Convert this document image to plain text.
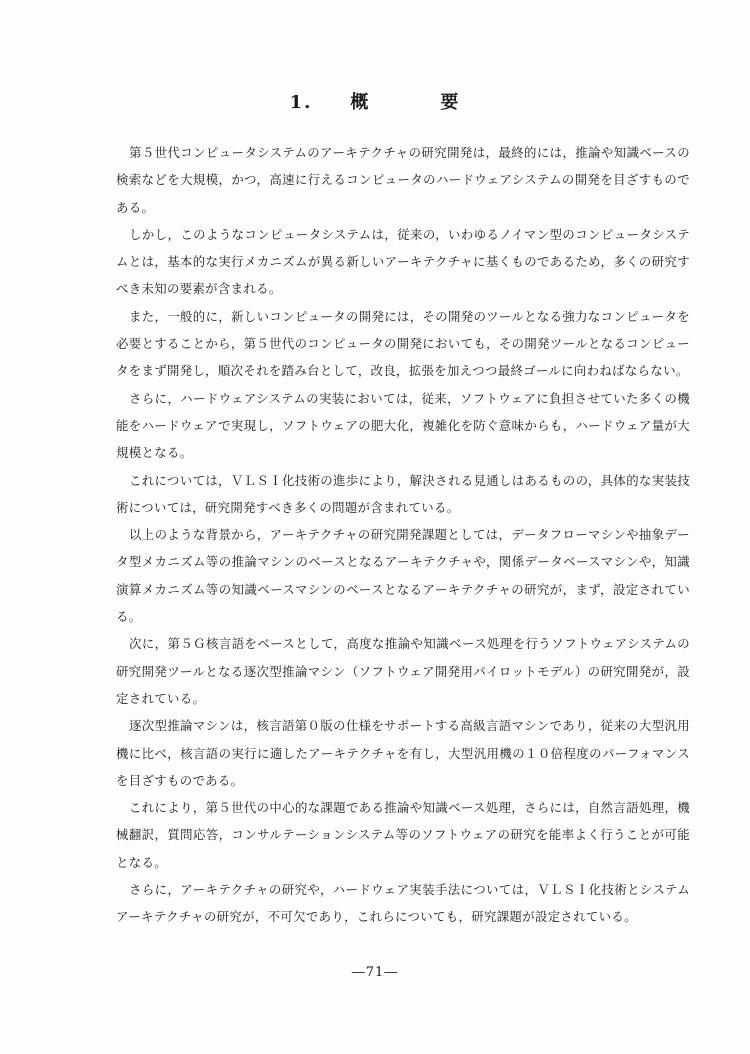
1. 概	要

第５世代コンピュータシステムのアーキテクチャの研究開発は，最終的には，推論や知識ベースの検索などを大規模，かつ，高速に行えるコンピュータのハードウェアシステムの開発を目ざすものである。

しかし，このようなコンピュータシステムは，従来の，いわゆるノイマン型のコンピュータシステムとは，基本的な実行メカニズムが異る新しいアーキテクチャに基くものであるため，多くの研究すべき未知の要素が含まれる。

また，一般的に，新しいコンピュータの開発には，その開発のツールとなる強力なコンピュータを必要とすることから，第５世代のコンピュータの開発においても，その開発ツールとなるコンピュータをまず開発し，順次それを踏み台として，改良，拡張を加えつつ最終ゴールに向わねばならない。

さらに，ハードウェアシステムの実装においては，従来，ソフトウェアに負担させていた多くの機能をハードウェアで実現し，ソフトウェアの肥大化，複雑化を防ぐ意味からも，ハードウェア量が大規模となる。

これについては，ＶＬＳＩ化技術の進歩により，解決される見通しはあるものの，具体的な実装技術については，研究開発すべき多くの問題が含まれている。

以上のような背景から，アーキテクチャの研究開発課題としては，データフローマシンや抽象データ型メカニズム等の推論マシンのベースとなるアーキテクチャや，関係データベースマシンや，知識演算メカニズム等の知識ベースマシンのベースとなるアーキテクチャの研究が，まず，設定されている。

次に，第５Ｇ核言語をベースとして，高度な推論や知識ベース処理を行うソフトウェアシステムの研究開発ツールとなる逐次型推論マシン（ソフトウェア開発用パイロットモデル）の研究開発が，設定されている。

逐次型推論マシンは，核言語第０版の仕様をサポートする高級言語マシンであり，従来の大型汎用機に比べ，核言語の実行に適したアーキテクチャを有し，大型汎用機の１０倍程度のパーフォマンスを目ざすものである。

これにより，第５世代の中心的な課題である推論や知識ベース処理，さらには，自然言語処理，機械翻訳，質問応答，コンサルテーションシステム等のソフトウェアの研究を能率よく行うことが可能となる。

さらに，アーキテクチャの研究や，ハードウェア実装手法については，ＶＬＳＩ化技術とシステムアーキテクチャの研究が，不可欠であり，これらについても，研究課題が設定されている。

―71―
